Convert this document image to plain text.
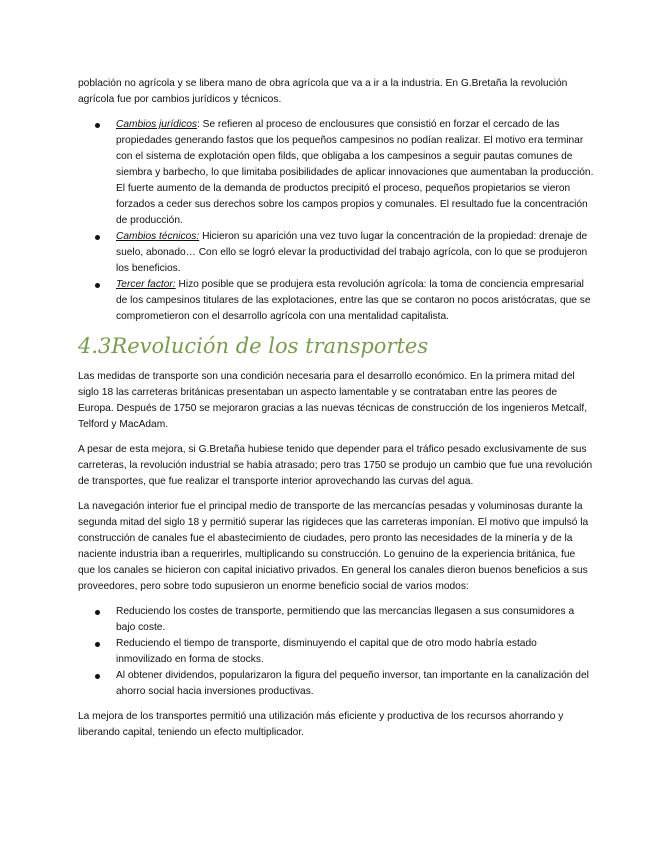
población no agrícola y se libera mano de obra agrícola que va a ir a la industria. En G.Bretaña la revolución agrícola fue por cambios jurídicos y técnicos.

Cambios jurídicos: Se refieren al proceso de enclousures que consistió en forzar el cercado de las propiedades generando fastos que los pequeños campesinos no podían realizar. El motivo era terminar con el sistema de explotación open filds, que obligaba a los campesinos a seguir pautas comunes de siembra y barbecho, lo que limitaba posibilidades de aplicar innovaciones que aumentaban la producción. El fuerte aumento de la demanda de productos precipitó el proceso, pequeños propietarios se vieron forzados a ceder sus derechos sobre los campos propios y comunales. El resultado fue la concentración de producción.
Cambios técnicos: Hicieron su aparición una vez tuvo lugar la concentración de la propiedad: drenaje de suelo, abonado… Con ello se logró elevar la productividad del trabajo agrícola, con lo que se produjeron los beneficios.
Tercer factor: Hizo posible que se produjera esta revolución agrícola: la toma de conciencia empresarial de los campesinos titulares de las explotaciones, entre las que se contaron no pocos aristócratas, que se comprometieron con el desarrollo agrícola con una mentalidad capitalista.
4.3Revolución de los transportes

Las medidas de transporte son una condición necesaria para el desarrollo económico. En la primera mitad del siglo 18 las carreteras británicas presentaban un aspecto lamentable y se contrataban entre las peores de Europa. Después de 1750 se mejoraron gracias a las nuevas técnicas de construcción de los ingenieros Metcalf, Telford y MacAdam.

A pesar de esta mejora, si G.Bretaña hubiese tenido que depender para el tráfico pesado exclusivamente de sus carreteras, la revolución industrial se había atrasado; pero tras 1750 se produjo un cambio que fue una revolución de transportes, que fue realizar el transporte interior aprovechando las curvas del agua.

La navegación interior fue el principal medio de transporte de las mercancías pesadas y voluminosas durante la segunda mitad del siglo 18 y permitió superar las rigideces que las carreteras imponían. El motivo que impulsó la construcción de canales fue el abastecimiento de ciudades, pero pronto las necesidades de la minería y de la naciente industria iban a requerirles, multiplicando su construcción. Lo genuino de la experiencia británica, fue que los canales se hicieron con capital iniciativo privados. En general los canales dieron buenos beneficios a sus proveedores, pero sobre todo supusieron un enorme beneficio social de varios modos:

Reduciendo los costes de transporte, permitiendo que las mercancías llegasen a sus consumidores a bajo coste.
Reduciendo el tiempo de transporte, disminuyendo el capital que de otro modo habría estado inmovilizado en forma de stocks.
Al obtener dividendos, popularizaron la figura del pequeño inversor, tan importante en la canalización del ahorro social hacia inversiones productivas.

La mejora de los transportes permitió una utilización más eficiente y productiva de los recursos ahorrando y liberando capital, teniendo un efecto multiplicador.
